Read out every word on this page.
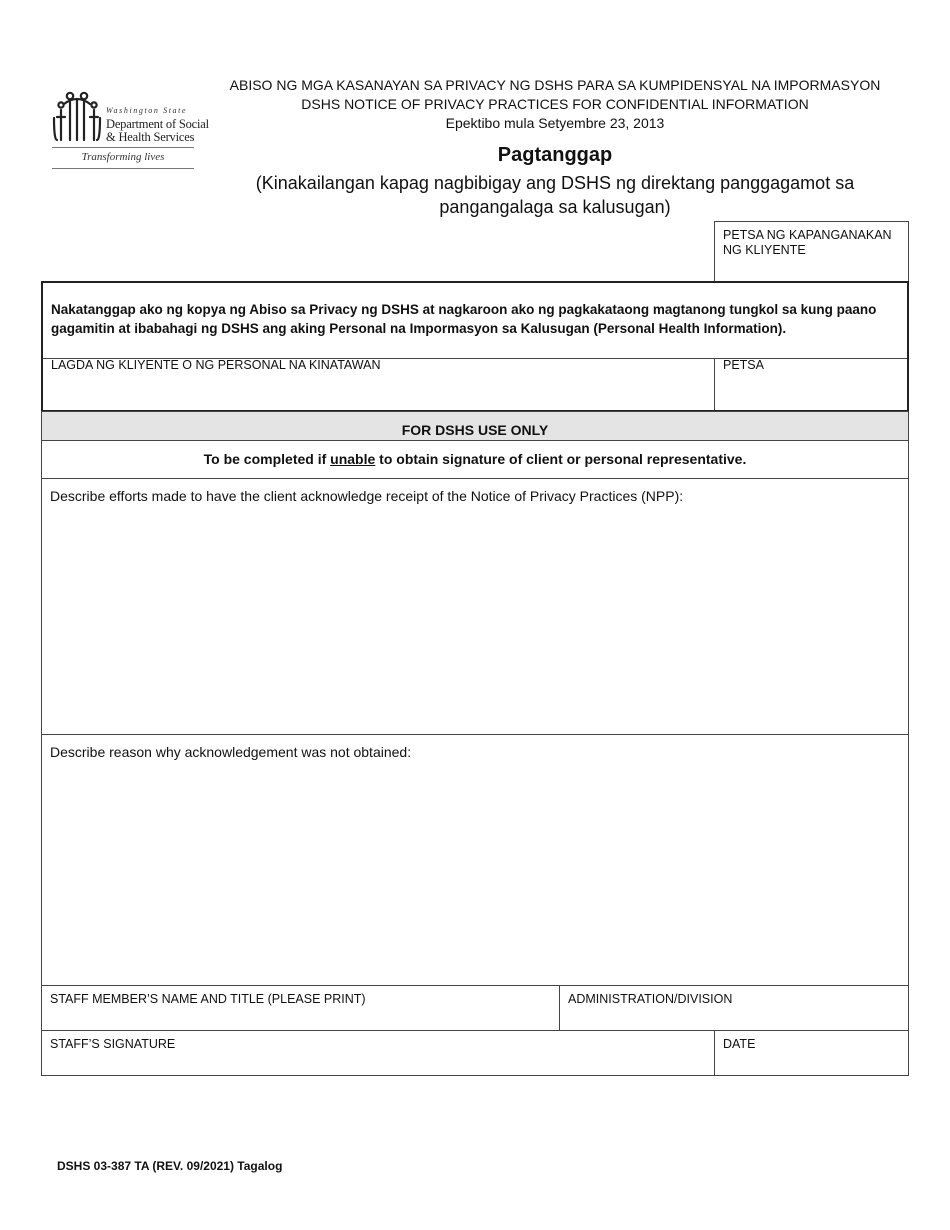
Washington State
Department of Social
& Health Services
Transforming lives
ABISO NG MGA KASANAYAN SA PRIVACY NG DSHS PARA SA KUMPIDENSYAL NA IMPORMASYON
DSHS NOTICE OF PRIVACY PRACTICES FOR CONFIDENTIAL INFORMATION
Epektibo mula Setyembre 23, 2013
Pagtanggap
(Kinakailangan kapag nagbibigay ang DSHS ng direktang panggagamot sa pangangalaga sa kalusugan)
PETSA NG KAPANGANAKAN NG KLIYENTE
Nakatanggap ako ng kopya ng Abiso sa Privacy ng DSHS at nagkaroon ako ng pagkakataong magtanong tungkol sa kung paano gagamitin at ibabahagi ng DSHS ang aking Personal na Impormasyon sa Kalusugan (Personal Health Information).
LAGDA NG KLIYENTE O NG PERSONAL NA KINATAWAN	PETSA
FOR DSHS USE ONLY
To be completed if unable to obtain signature of client or personal representative.
Describe efforts made to have the client acknowledge receipt of the Notice of Privacy Practices (NPP):
Describe reason why acknowledgement was not obtained:
STAFF MEMBER’S NAME AND TITLE (PLEASE PRINT)	ADMINISTRATION/DIVISION
STAFF’S SIGNATURE	DATE
DSHS 03-387 TA (REV. 09/2021) Tagalog
